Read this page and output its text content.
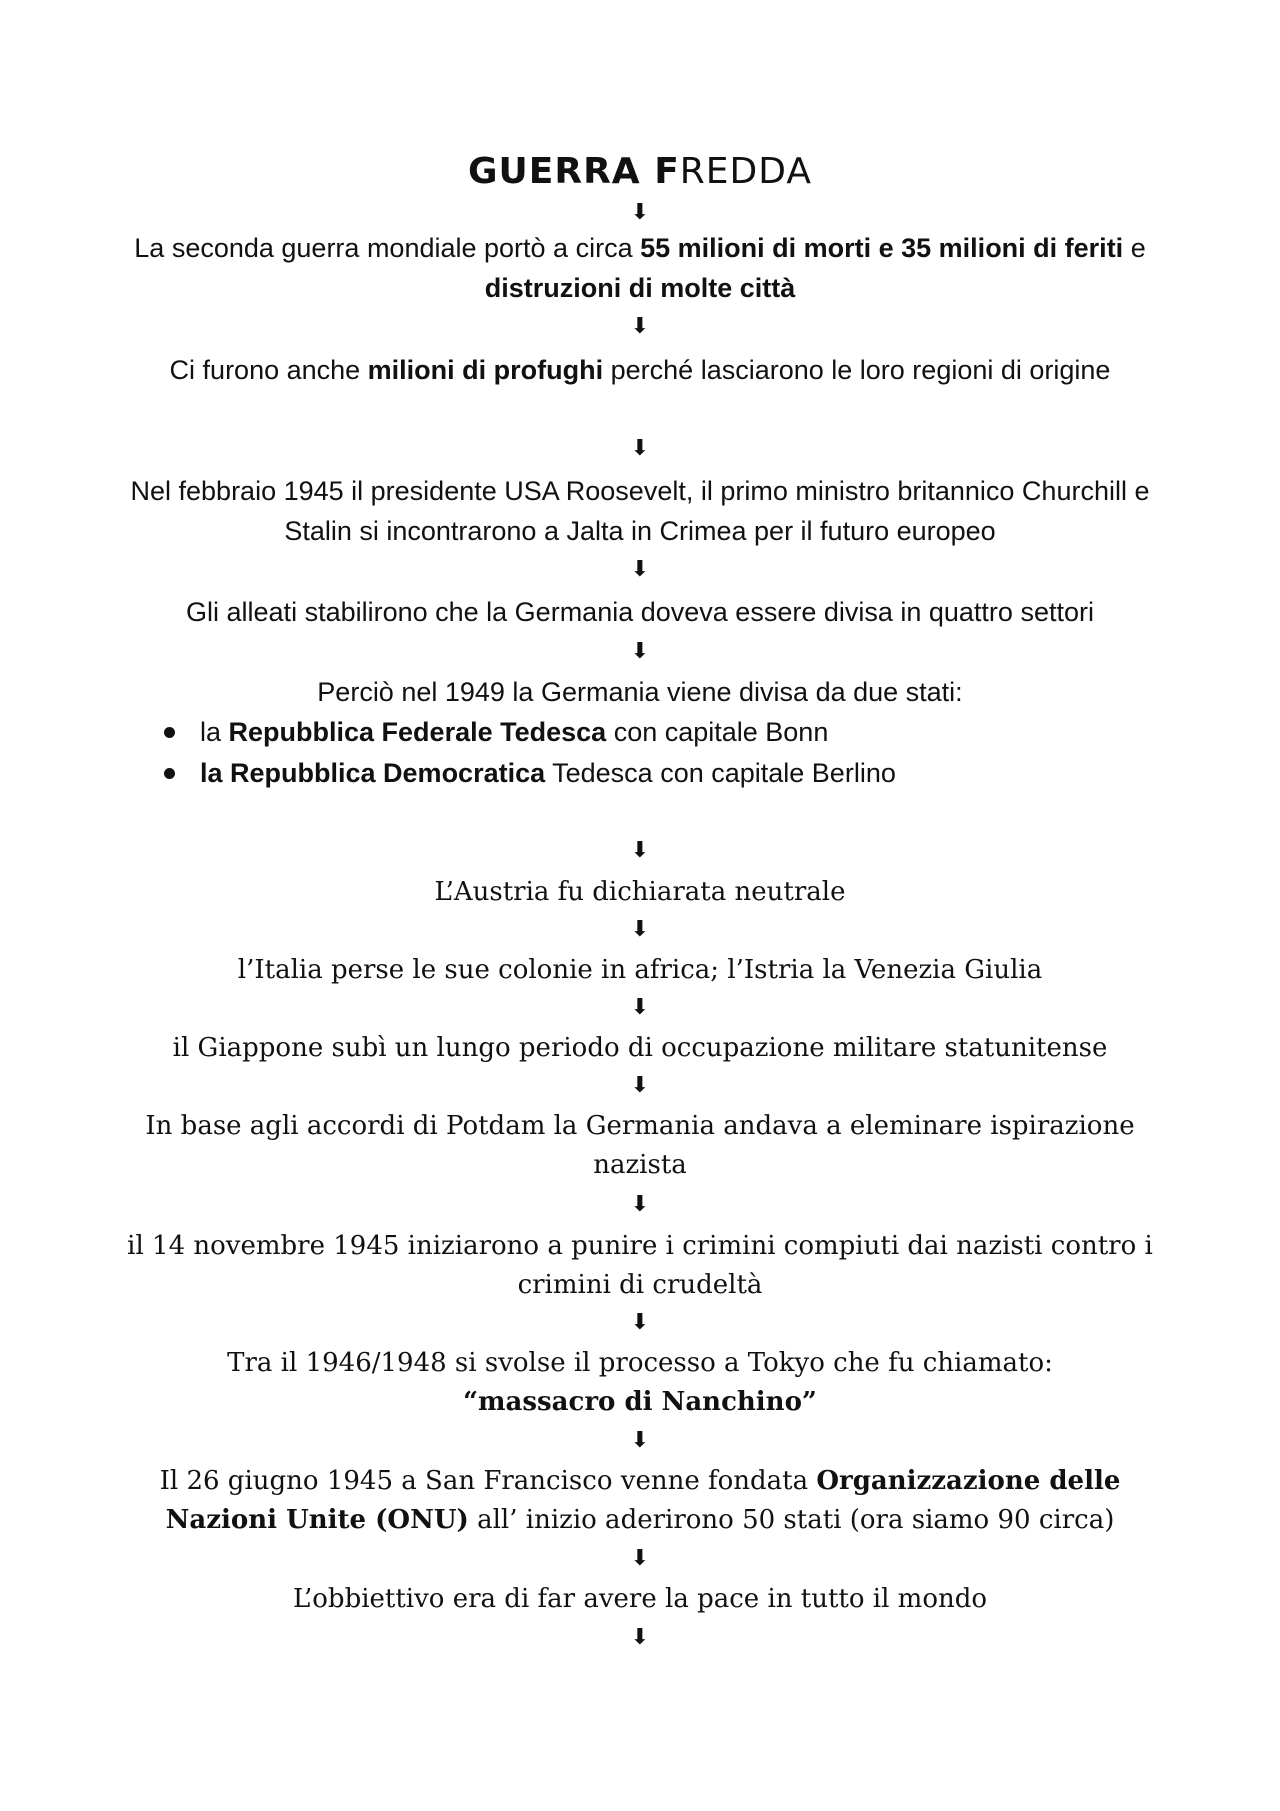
GUERRA FREDDA
⬇
La seconda guerra mondiale portò a circa 55 milioni di morti e 35 milioni di feriti e distruzioni di molte città
⬇
Ci furono anche milioni di profughi perché lasciarono le loro regioni di origine
⬇
Nel febbraio 1945 il presidente USA Roosevelt, il primo ministro britannico Churchill e Stalin si incontrarono a Jalta in Crimea per il futuro europeo
⬇
Gli alleati stabilirono che la Germania doveva essere divisa in quattro settori
⬇
Perciò nel 1949 la Germania viene divisa da due stati:
la Repubblica Federale Tedesca con capitale Bonn
la Repubblica Democratica Tedesca con capitale Berlino
⬇
L’Austria fu dichiarata neutrale
⬇
l’Italia perse le sue colonie in africa; l’Istria la Venezia Giulia
⬇
il Giappone subì un lungo periodo di occupazione militare statunitense
⬇
In base agli accordi di Potdam la Germania andava a eleminare ispirazione nazista
⬇
il 14 novembre 1945 iniziarono a punire i crimini compiuti dai nazisti contro i crimini di crudeltà
⬇
Tra il 1946/1948 si svolse il processo a Tokyo che fu chiamato:
“massacro di Nanchino”
⬇
Il 26 giugno 1945 a San Francisco venne fondata Organizzazione delle Nazioni Unite (ONU) all’ inizio aderirono 50 stati (ora siamo 90 circa)
⬇
L’obbiettivo era di far avere la pace in tutto il mondo
⬇
